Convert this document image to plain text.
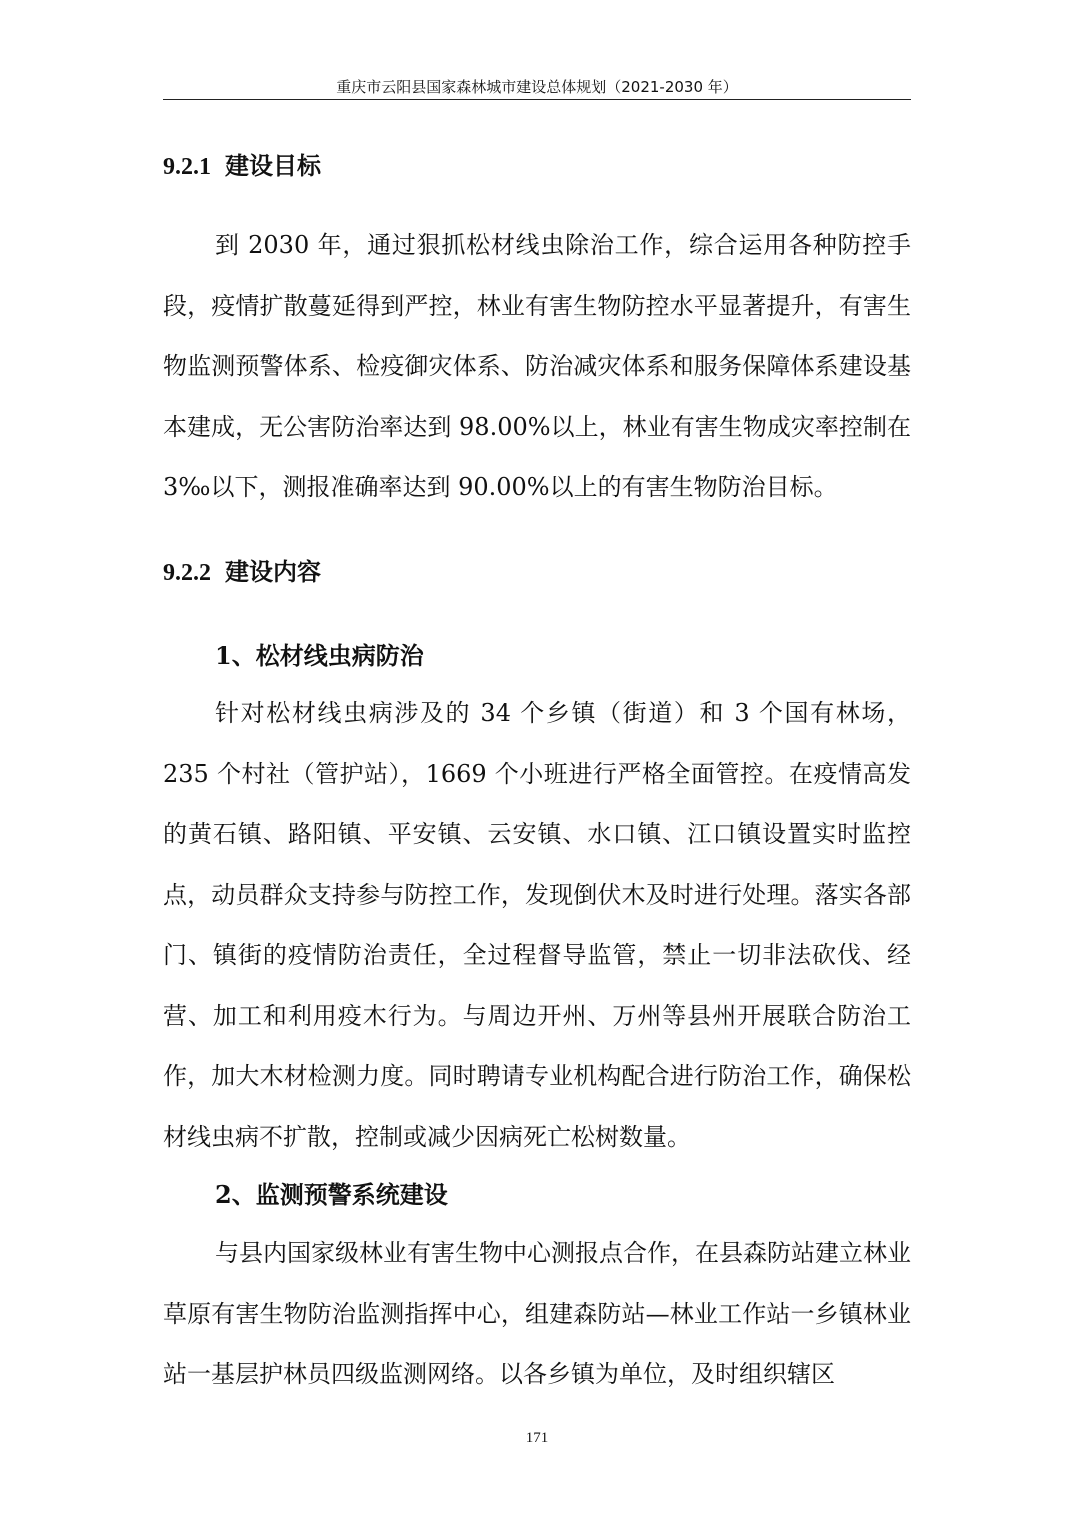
重庆市云阳县国家森林城市建设总体规划（2021-2030 年）
9.2.1 建设目标

到 2030 年，通过狠抓松材线虫除治工作，综合运用各种防控手段，疫情扩散蔓延得到严控，林业有害生物防控水平显著提升，有害生物监测预警体系、检疫御灾体系、防治减灾体系和服务保障体系建设基本建成，无公害防治率达到 98.00%以上，林业有害生物成灾率控制在 3‰以下，测报准确率达到 90.00%以上的有害生物防治目标。

9.2.2 建设内容
1、松材线虫病防治

针对松材线虫病涉及的 34 个乡镇（街道）和 3 个国有林场，235 个村社（管护站），1669 个小班进行严格全面管控。在疫情高发的黄石镇、路阳镇、平安镇、云安镇、水口镇、江口镇设置实时监控点，动员群众支持参与防控工作，发现倒伏木及时进行处理。落实各部门、镇街的疫情防治责任，全过程督导监管，禁止一切非法砍伐、经营、加工和利用疫木行为。与周边开州、万州等县州开展联合防治工作，加大木材检测力度。同时聘请专业机构配合进行防治工作，确保松材线虫病不扩散，控制或减少因病死亡松树数量。

2、监测预警系统建设

与县内国家级林业有害生物中心测报点合作，在县森防站建立林业草原有害生物防治监测指挥中心，组建森防站—林业工作站一乡镇林业站一基层护林员四级监测网络。以各乡镇为单位，及时组织辖区

171
